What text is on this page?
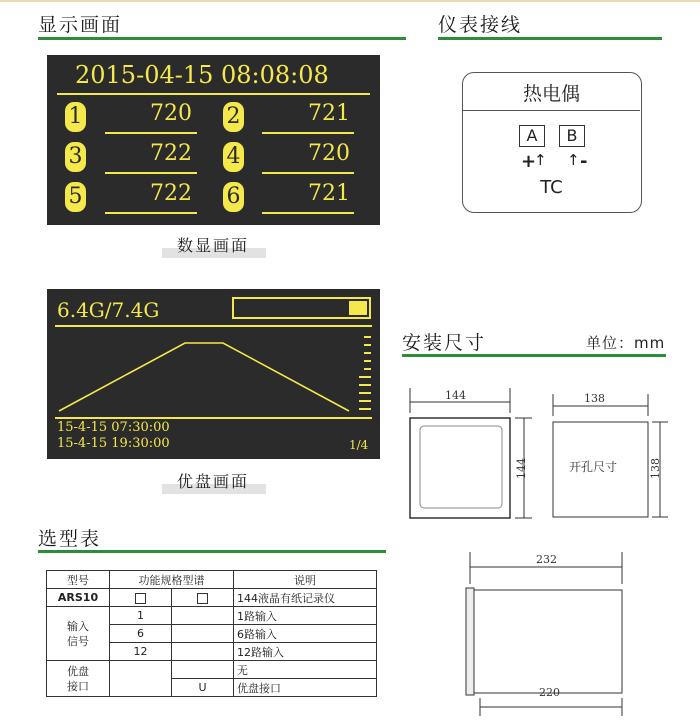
显示画面
2015-04-15 08:08:08
1	720 2	721
3	722 4	720
5	722 6	721
数显画面
6.4G/7.4G
15-4-15 07:30:00
15-4-15 19:30:00	1/4
优盘画面
仪表接线
热电偶
A	B
+
↑ ↑ -
TC
安装尺寸	单位：mm
144
144
138
138
开孔尺寸
232
220
选型表
型号	功能规格型谱		说明
ARS10			144液晶有纸记录仪
输入
信号	1		1路输入
	6		6路输入
	12		12路输入
优盘
接口			无
		U	优盘接口
